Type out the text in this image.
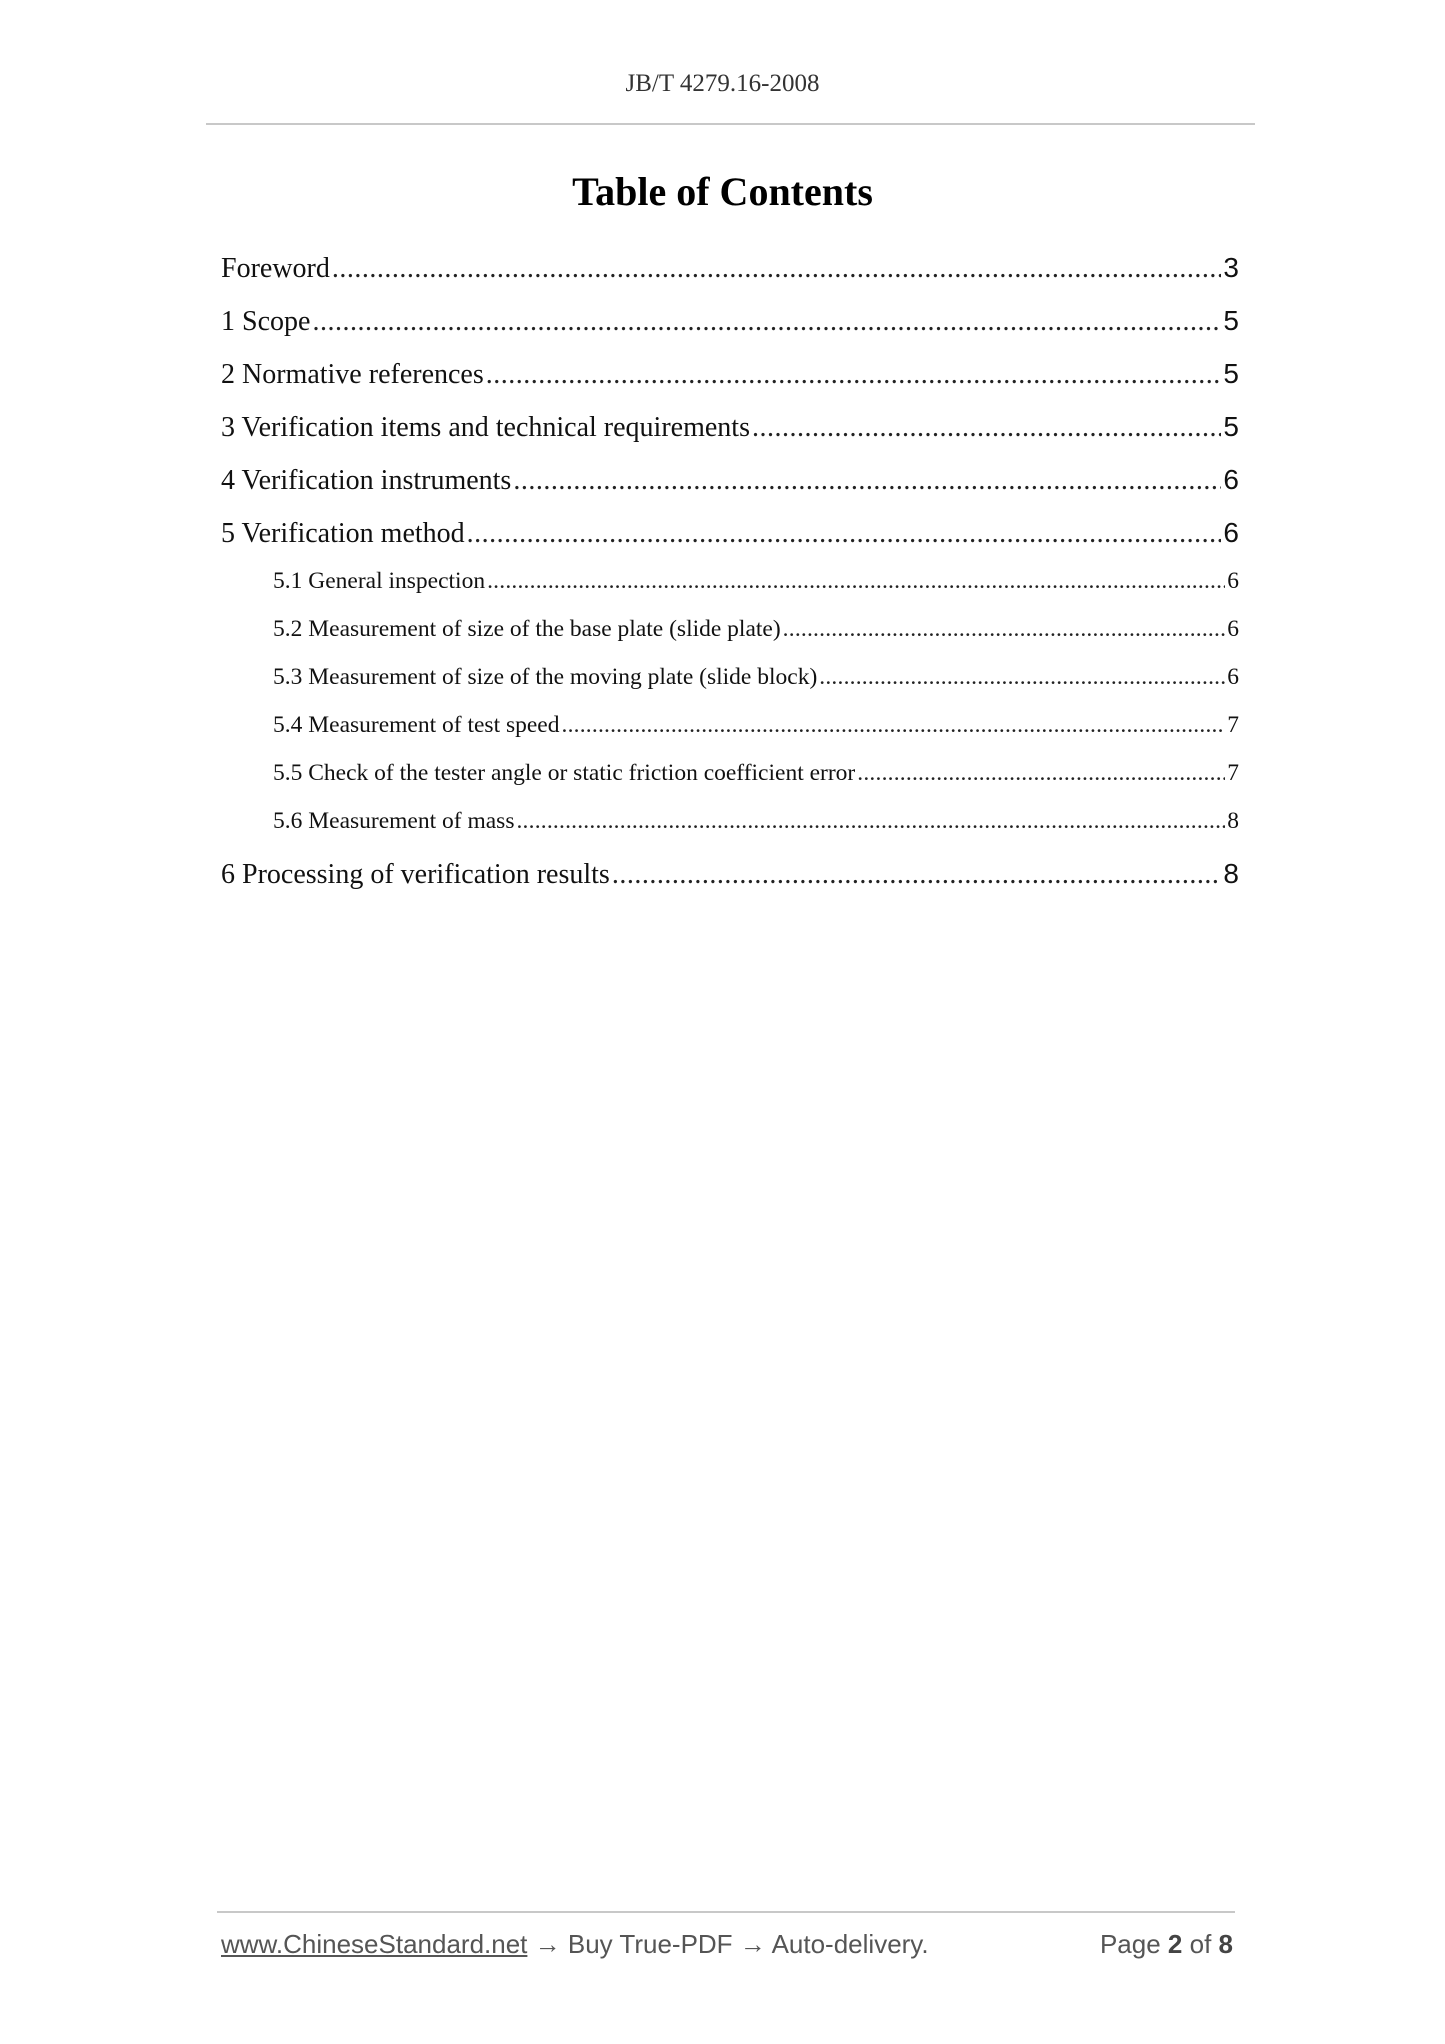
JB/T 4279.16-2008
Table of Contents
Foreword .....	3
1 Scope .....	5
2 Normative references .....	5
3 Verification items and technical requirements .....	5
4 Verification instruments .....	6
5 Verification method .....	6
5.1 General inspection .....	6
5.2 Measurement of size of the base plate (slide plate) .....	6
5.3 Measurement of size of the moving plate (slide block) .....	6
5.4 Measurement of test speed .....	7
5.5 Check of the tester angle or static friction coefficient error .....	7
5.6 Measurement of mass .....	8
6 Processing of verification results .....	8
www.ChineseStandard.net → Buy True-PDF → Auto-delivery.	Page 2 of 8
